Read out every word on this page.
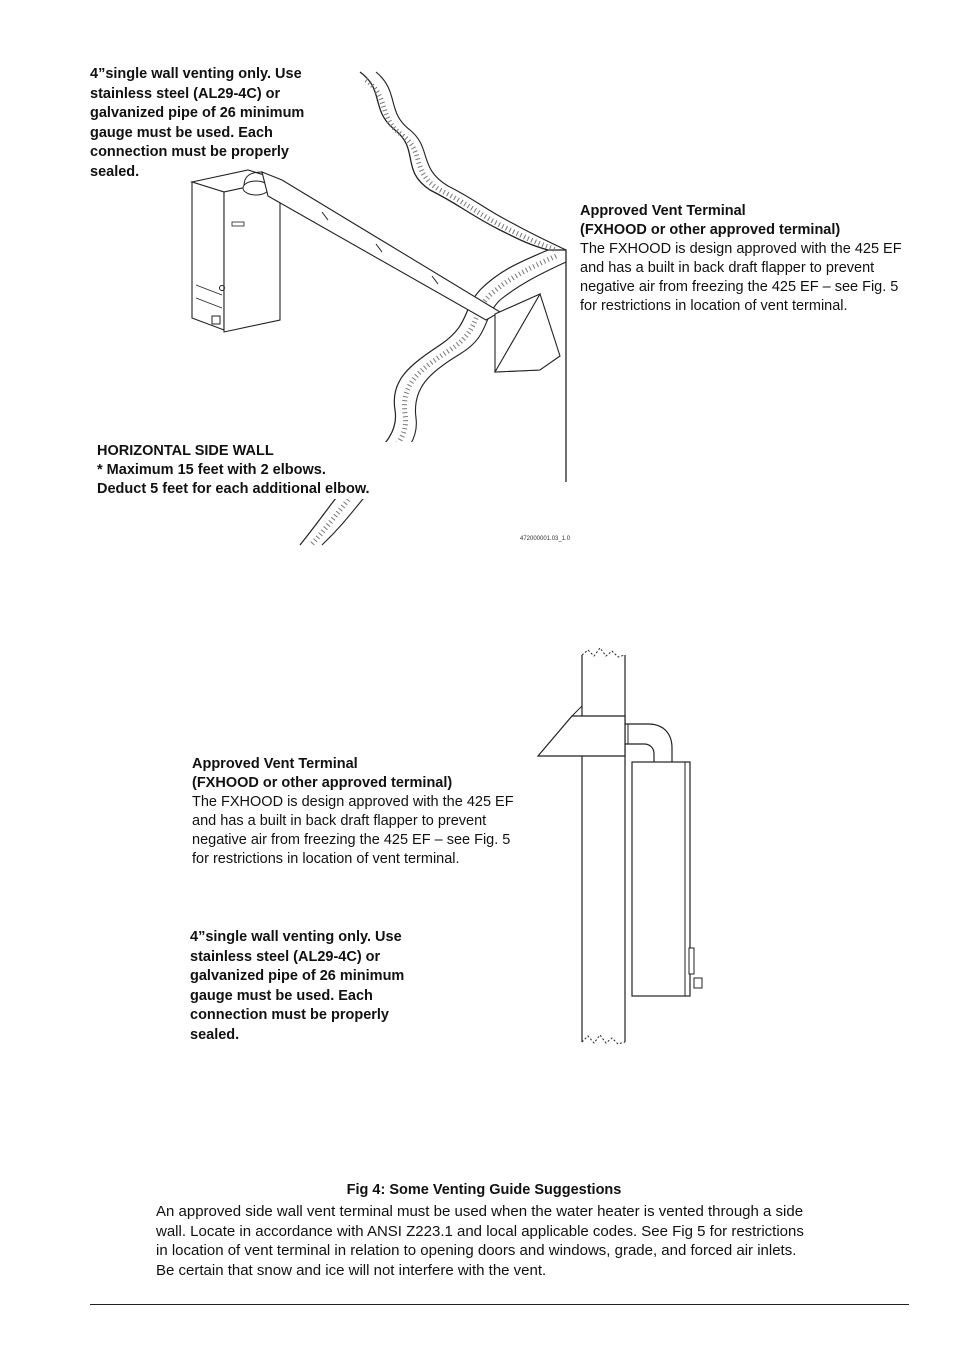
4”single wall venting only. Use
stainless steel (AL29-4C) or
galvanized pipe of 26 minimum
gauge must be used. Each
connection must be properly
sealed.
Approved Vent Terminal
(FXHOOD or other approved terminal)
The FXHOOD is design approved with the 425 EF and has a built in back draft flapper to prevent negative air from freezing the 425 EF – see Fig. 5 for restrictions in location of vent terminal.
HORIZONTAL SIDE WALL
* Maximum 15 feet with 2 elbows.
Deduct 5 feet for each additional elbow.
472000001.03_1.0
Approved Vent Terminal
(FXHOOD or other approved terminal)
The FXHOOD is design approved with the 425 EF and has a built in back draft flapper to prevent negative air from freezing the 425 EF – see Fig. 5 for restrictions in location of vent terminal.
4”single wall venting only. Use
stainless steel (AL29-4C) or
galvanized pipe of 26 minimum
gauge must be used. Each
connection must be properly
sealed.
Fig 4: Some Venting Guide Suggestions
An approved side wall vent terminal must be used when the water heater is vented through a side wall. Locate in accordance with ANSI Z223.1 and local applicable codes. See Fig 5 for restrictions in location of vent terminal in relation to opening doors and windows, grade, and forced air inlets. Be certain that snow and ice will not interfere with the vent.
